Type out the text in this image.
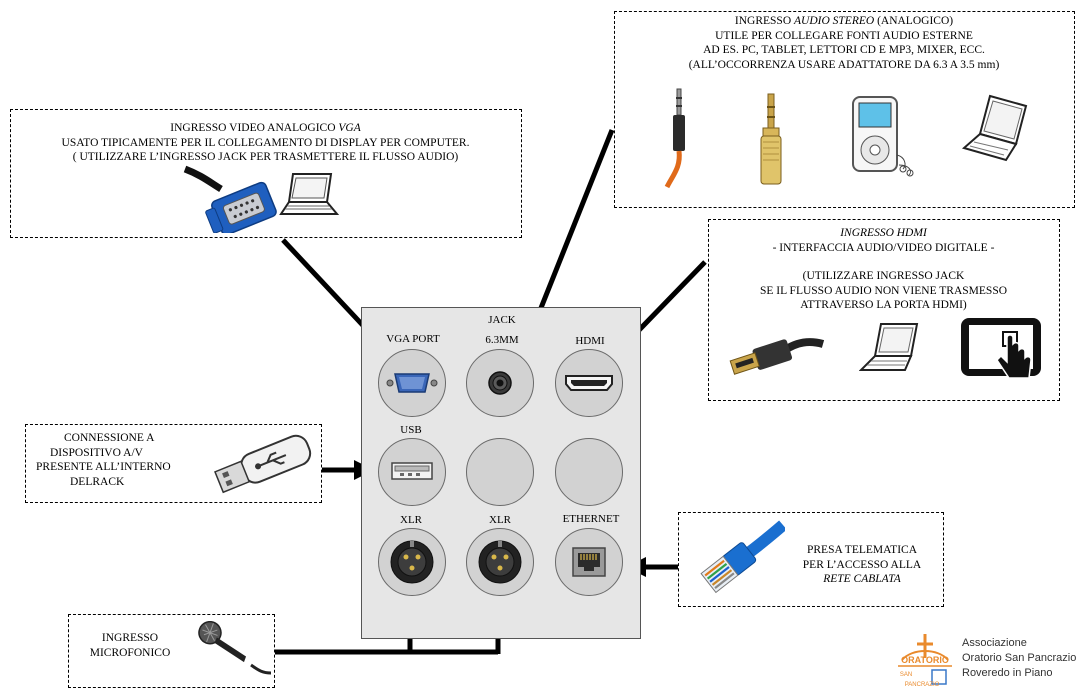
INGRESSO VIDEO ANALOGICO VGA
USATO TIPICAMENTE PER IL COLLEGAMENTO DI DISPLAY PER COMPUTER.
( UTILIZZARE L’INGRESSO JACK PER TRASMETTERE IL FLUSSO AUDIO)
INGRESSO AUDIO STEREO (ANALOGICO)
UTILE PER COLLEGARE FONTI AUDIO ESTERNE
AD ES. PC, TABLET, LETTORI CD E MP3, MIXER, ECC.
(ALL’OCCORRENZA USARE ADATTATORE DA 6.3 A 3.5 mm)
INGRESSO HDMI
- INTERFACCIA AUDIO/VIDEO DIGITALE -
(UTILIZZARE INGRESSO JACK
SE IL FLUSSO AUDIO NON VIENE TRASMESSO
ATTRAVERSO LA PORTA HDMI)
CONNESSIONE A
DISPOSITIVO A/V
PRESENTE ALL’INTERNO
DELRACK
PRESA TELEMATICA
PER L’ACCESSO ALLA
RETE CABLATA
INGRESSO
MICROFONICO
VGA PORT
JACK
6.3MM	HDMI
USB
XLR	XLR	ETHERNET
ORATORIO
SAN
PANCRAZIO
Associazione
Oratorio San Pancrazio
Roveredo in Piano
